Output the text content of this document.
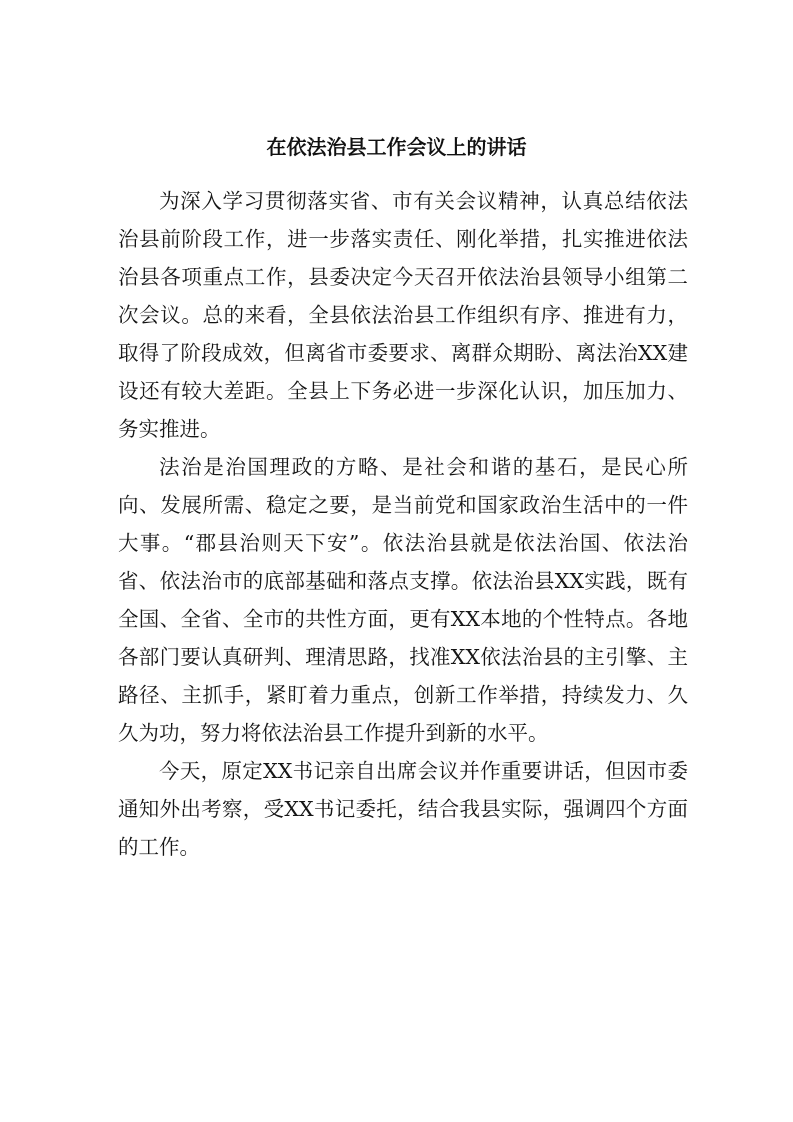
在依法治县工作会议上的讲话

为深入学习贯彻落实省、市有关会议精神，认真总结依法治县前阶段工作，进一步落实责任、刚化举措，扎实推进依法治县各项重点工作，县委决定今天召开依法治县领导小组第二次会议。总的来看，全县依法治县工作组织有序、推进有力，取得了阶段成效，但离省市委要求、离群众期盼、离法治XX建设还有较大差距。全县上下务必进一步深化认识，加压加力、务实推进。

法治是治国理政的方略、是社会和谐的基石，是民心所向、发展所需、稳定之要，是当前党和国家政治生活中的一件大事。“郡县治则天下安”。依法治县就是依法治国、依法治省、依法治市的底部基础和落点支撑。依法治县XX实践，既有全国、全省、全市的共性方面，更有XX本地的个性特点。各地各部门要认真研判、理清思路，找准XX依法治县的主引擎、主路径、主抓手，紧盯着力重点，创新工作举措，持续发力、久久为功，努力将依法治县工作提升到新的水平。

今天，原定XX书记亲自出席会议并作重要讲话，但因市委通知外出考察，受XX书记委托，结合我县实际，强调四个方面的工作。
